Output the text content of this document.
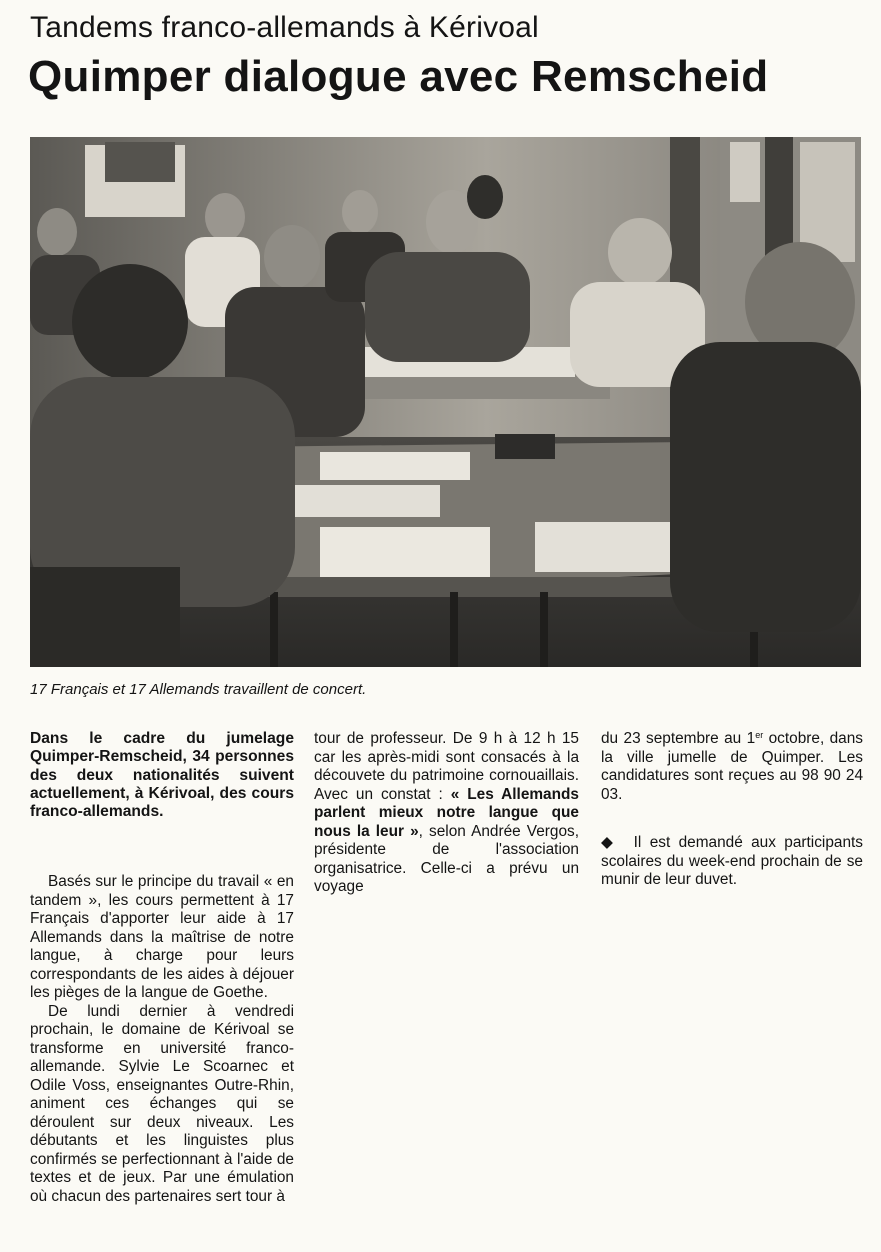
Tandems franco-allemands à Kérivoal
Quimper dialogue avec Remscheid
17 Français et 17 Allemands travaillent de concert.

Dans le cadre du jumelage Quimper-Remscheid, 34 personnes des deux nationalités suivent actuellement, à Kérivoal, des cours franco-allemands.

Basés sur le principe du travail « en tandem », les cours permettent à 17 Français d'apporter leur aide à 17 Allemands dans la maîtrise de notre langue, à charge pour leurs correspondants de les aides à déjouer les pièges de la langue de Goethe.

De lundi dernier à vendredi prochain, le domaine de Kérivoal se transforme en université franco-allemande. Sylvie Le Scoarnec et Odile Voss, enseignantes Outre-Rhin, animent ces échanges qui se déroulent sur deux niveaux. Les débutants et les linguistes plus confirmés se perfectionnant à l'aide de textes et de jeux. Par une émulation où chacun des partenaires sert tour à

tour de professeur. De 9 h à 12 h 15 car les après-midi sont consacés à la découvete du patrimoine cornouaillais. Avec un constat : « Les Allemands parlent mieux notre langue que nous la leur », selon Andrée Vergos, présidente de l'association organisatrice. Celle-ci a prévu un voyage

du 23 septembre au 1er octobre, dans la ville jumelle de Quimper. Les candidatures sont reçues au 98 90 24 03.

◆ Il est demandé aux participants scolaires du week-end prochain de se munir de leur duvet.
